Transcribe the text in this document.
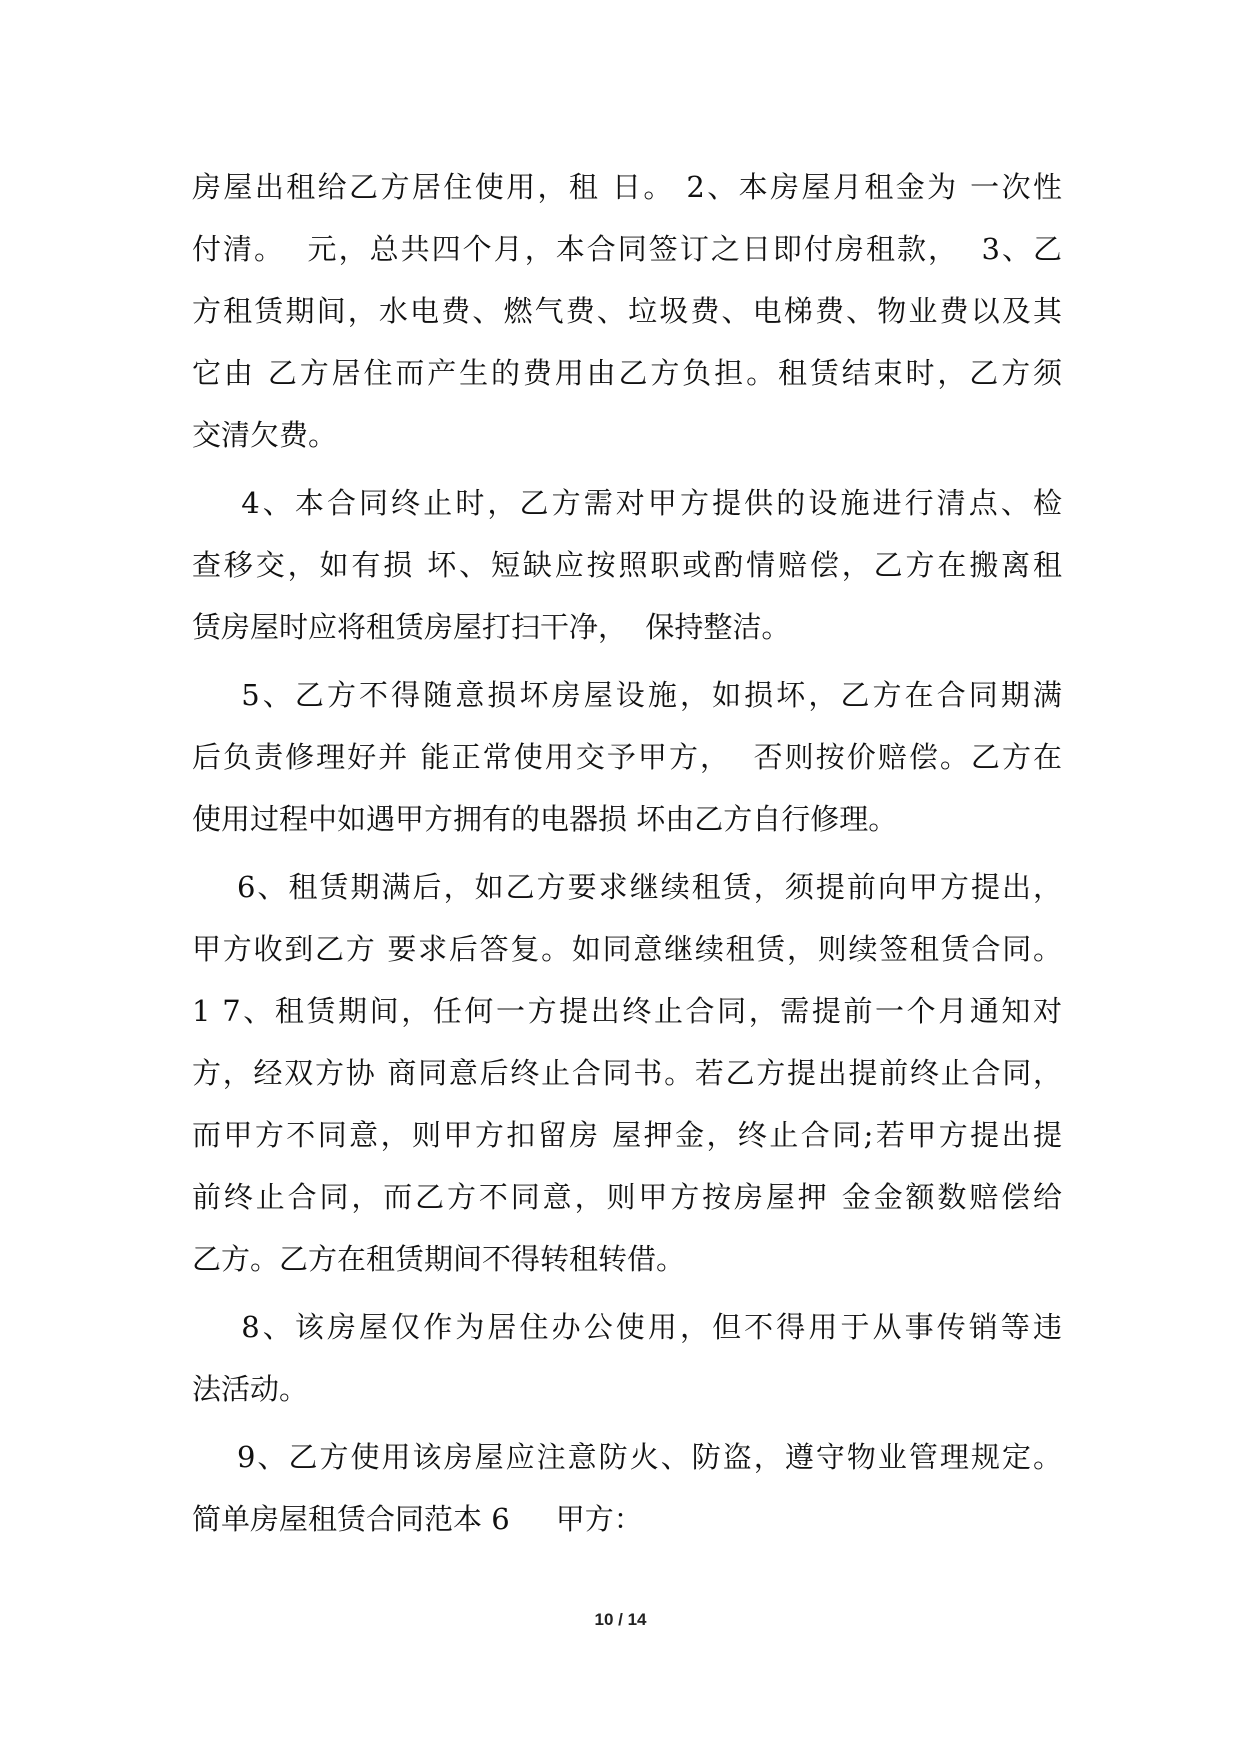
房屋出租给乙方居住使用，租 日。 2、本房屋月租金为 一次性
付清。  元，总共四个月，本合同签订之日即付房租款，  3、乙
方租赁期间，水电费、燃气费、垃圾费、电梯费、物业费以及其
它由 乙方居住而产生的费用由乙方负担。租赁结束时，乙方须
交清欠费。
4、本合同终止时，乙方需对甲方提供的设施进行清点、检
查移交，如有损 坏、短缺应按照职或酌情赔偿，乙方在搬离租
赁房屋时应将租赁房屋打扫干净，  保持整洁。
5、乙方不得随意损坏房屋设施，如损坏，乙方在合同期满
后负责修理好并 能正常使用交予甲方，  否则按价赔偿。乙方在
使用过程中如遇甲方拥有的电器损 坏由乙方自行修理。
6、租赁期满后，如乙方要求继续租赁，须提前向甲方提出，
甲方收到乙方 要求后答复。如同意继续租赁，则续签租赁合同。
1 7、租赁期间，任何一方提出终止合同，需提前一个月通知对
方，经双方协 商同意后终止合同书。若乙方提出提前终止合同，
而甲方不同意，则甲方扣留房 屋押金，终止合同;若甲方提出提
前终止合同，而乙方不同意，则甲方按房屋押 金金额数赔偿给
乙方。乙方在租赁期间不得转租转借。
8、该房屋仅作为居住办公使用，但不得用于从事传销等违
法活动。
9、乙方使用该房屋应注意防火、防盗，遵守物业管理规定。
简单房屋租赁合同范本 6     甲方：
10 / 14
